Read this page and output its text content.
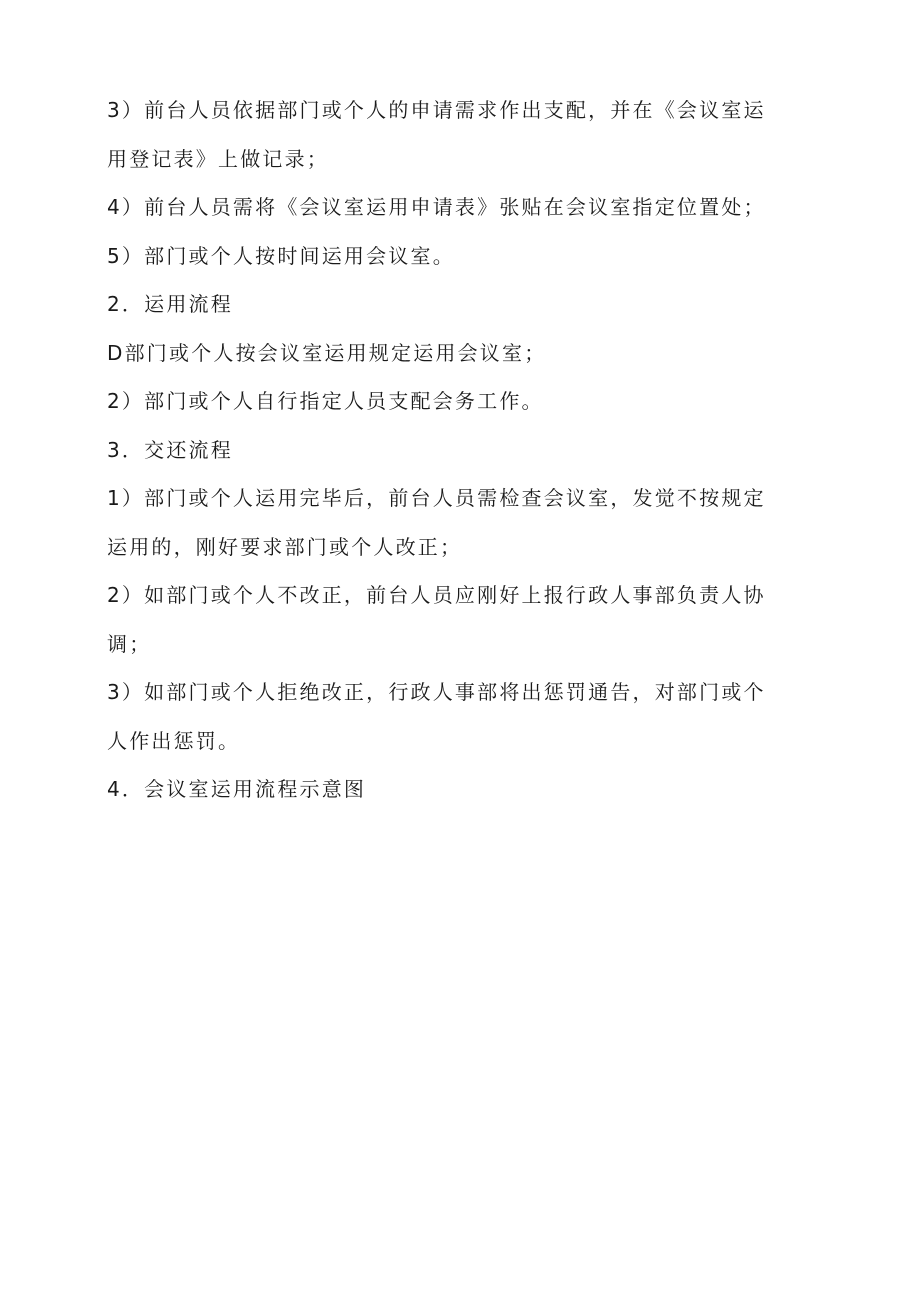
3）前台人员依据部门或个人的申请需求作出支配，并在《会议室运

用登记表》上做记录；

4）前台人员需将《会议室运用申请表》张贴在会议室指定位置处；

5）部门或个人按时间运用会议室。

2．运用流程

D部门或个人按会议室运用规定运用会议室；

2）部门或个人自行指定人员支配会务工作。

3．交还流程

1）部门或个人运用完毕后，前台人员需检查会议室，发觉不按规定

运用的，刚好要求部门或个人改正；

2）如部门或个人不改正，前台人员应刚好上报行政人事部负责人协

调；

3）如部门或个人拒绝改正，行政人事部将出惩罚通告，对部门或个

人作出惩罚。

4．会议室运用流程示意图
